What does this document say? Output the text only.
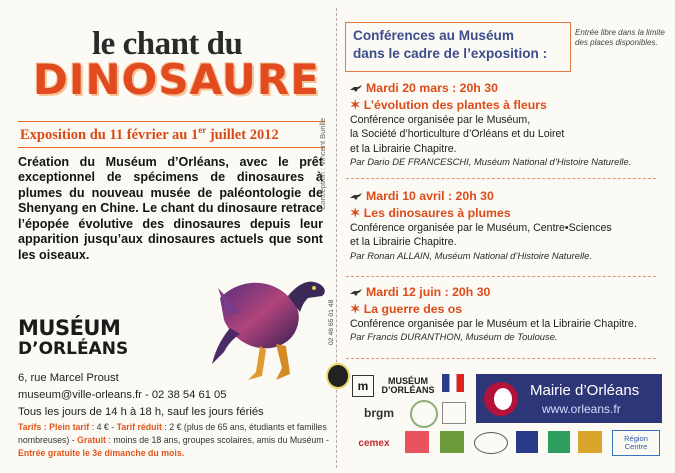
le chant du
DINOSAURE
Exposition du 11 février au 1er juillet 2012
Création du Muséum d’Orléans, avec le prêt exceptionnel de spécimens de dinosaures à plumes du nouveau musée de paléontologie de Shenyang en Chine. Le chant du dinosaure retrace l’épopée évolutive des dinosaures depuis leur apparition jusqu’aux dinosaures actuels que sont les oiseaux.
MUSÉUM
D’ORLÉANS
6, rue Marcel Proust
museum@ville-orleans.fr - 02 38 54 61 05
Tous les jours de 14 h à 18 h, sauf les jours fériés
Tarifs : Plein tarif : 4 € - Tarif réduit : 2 € (plus de 65 ans, étudiants et familles nombreuses) - Gratuit : moins de 18 ans, groupes scolaires, amis du Muséum - Entrée gratuite le 3e dimanche du mois.
Conception : Vincent Burille
02 46 65 01 48
Conférences au Muséum
dans le cadre de l’exposition :
Entrée libre dans la limite des places disponibles.
Mardi 20 mars : 20h 30
✶ L’évolution des plantes à fleurs
Conférence organisée par le Muséum,
la Société d’horticulture d’Orléans et du Loiret
et la Librairie Chapitre.
Par Dario DE FRANCESCHI, Muséum National d’Histoire Naturelle.
Mardi 10 avril : 20h 30
✶ Les dinosaures à plumes
Conférence organisée par le Muséum, Centre•Sciences
et la Librairie Chapitre.
Par Ronan ALLAIN, Muséum National d’Histoire Naturelle.
Mardi 12 juin : 20h 30
✶ La guerre des os
Conférence organisée par le Muséum et la Librairie Chapitre.
Par Francis DURANTHON, Muséum de Toulouse.
m	MUSÉUM
D’ORLÉANS
brgm
Mairie d’Orléans
www.orleans.fr
cemex	Région
Centre
